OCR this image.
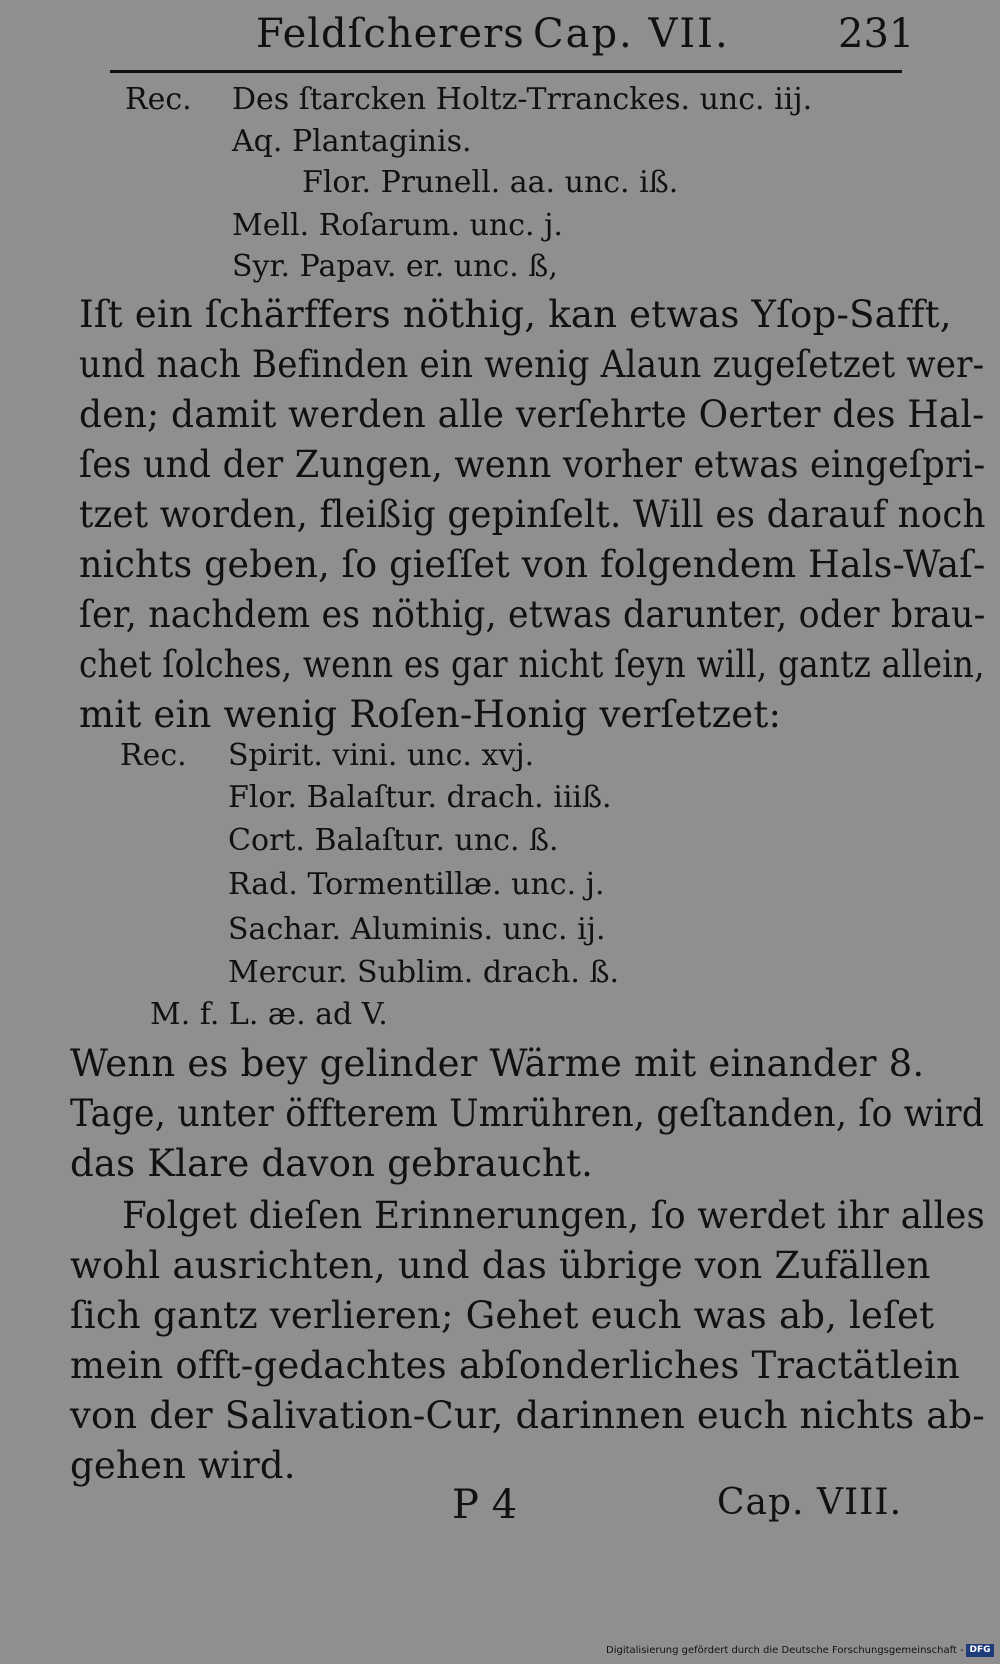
Feldſcherers Cap. VII.	231
Rec. Des ſtarcken Holtz-Trranckes. unc. iij.
Aq. Plantaginis.
Flor. Prunell. aa. unc. iß.
Mell. Roſarum. unc. j.
Syr. Papav. er. unc. ß,
Iſt ein ſchärffers nöthig, kan etwas Yſop-Safft,
und nach Befinden ein wenig Alaun zugeſetzet wer-
den; damit werden alle verſehrte Oerter des Hal-
ſes und der Zungen, wenn vorher etwas eingeſpri-
tzet worden, fleißig gepinſelt. Will es darauf noch
nichts geben, ſo gieſſet von folgendem Hals-Waſ-
ſer, nachdem es nöthig, etwas darunter, oder brau-
chet ſolches, wenn es gar nicht ſeyn will, gantz allein,
mit ein wenig Roſen-Honig verſetzet:
Rec. Spirit. vini. unc. xvj.
Flor. Balaſtur. drach. iiiß.
Cort. Balaſtur. unc. ß.
Rad. Tormentillæ. unc. j.
Sachar. Aluminis. unc. ij.
Mercur. Sublim. drach. ß.
M. f. L. æ. ad V.
Wenn es bey gelinder Wärme mit einander 8.
Tage, unter öffterem Umrühren, geſtanden, ſo wird
das Klare davon gebraucht.
Folget dieſen Erinnerungen, ſo werdet ihr alles
wohl ausrichten, und das übrige von Zufällen
ſich gantz verlieren; Gehet euch was ab, leſet
mein offt-gedachtes abſonderliches Tractätlein
von der Salivation-Cur, darinnen euch nichts ab-
gehen wird.
P 4	Cap. VIII.
Digitalisierung gefördert durch die Deutsche Forschungsgemeinschaft - DFG
